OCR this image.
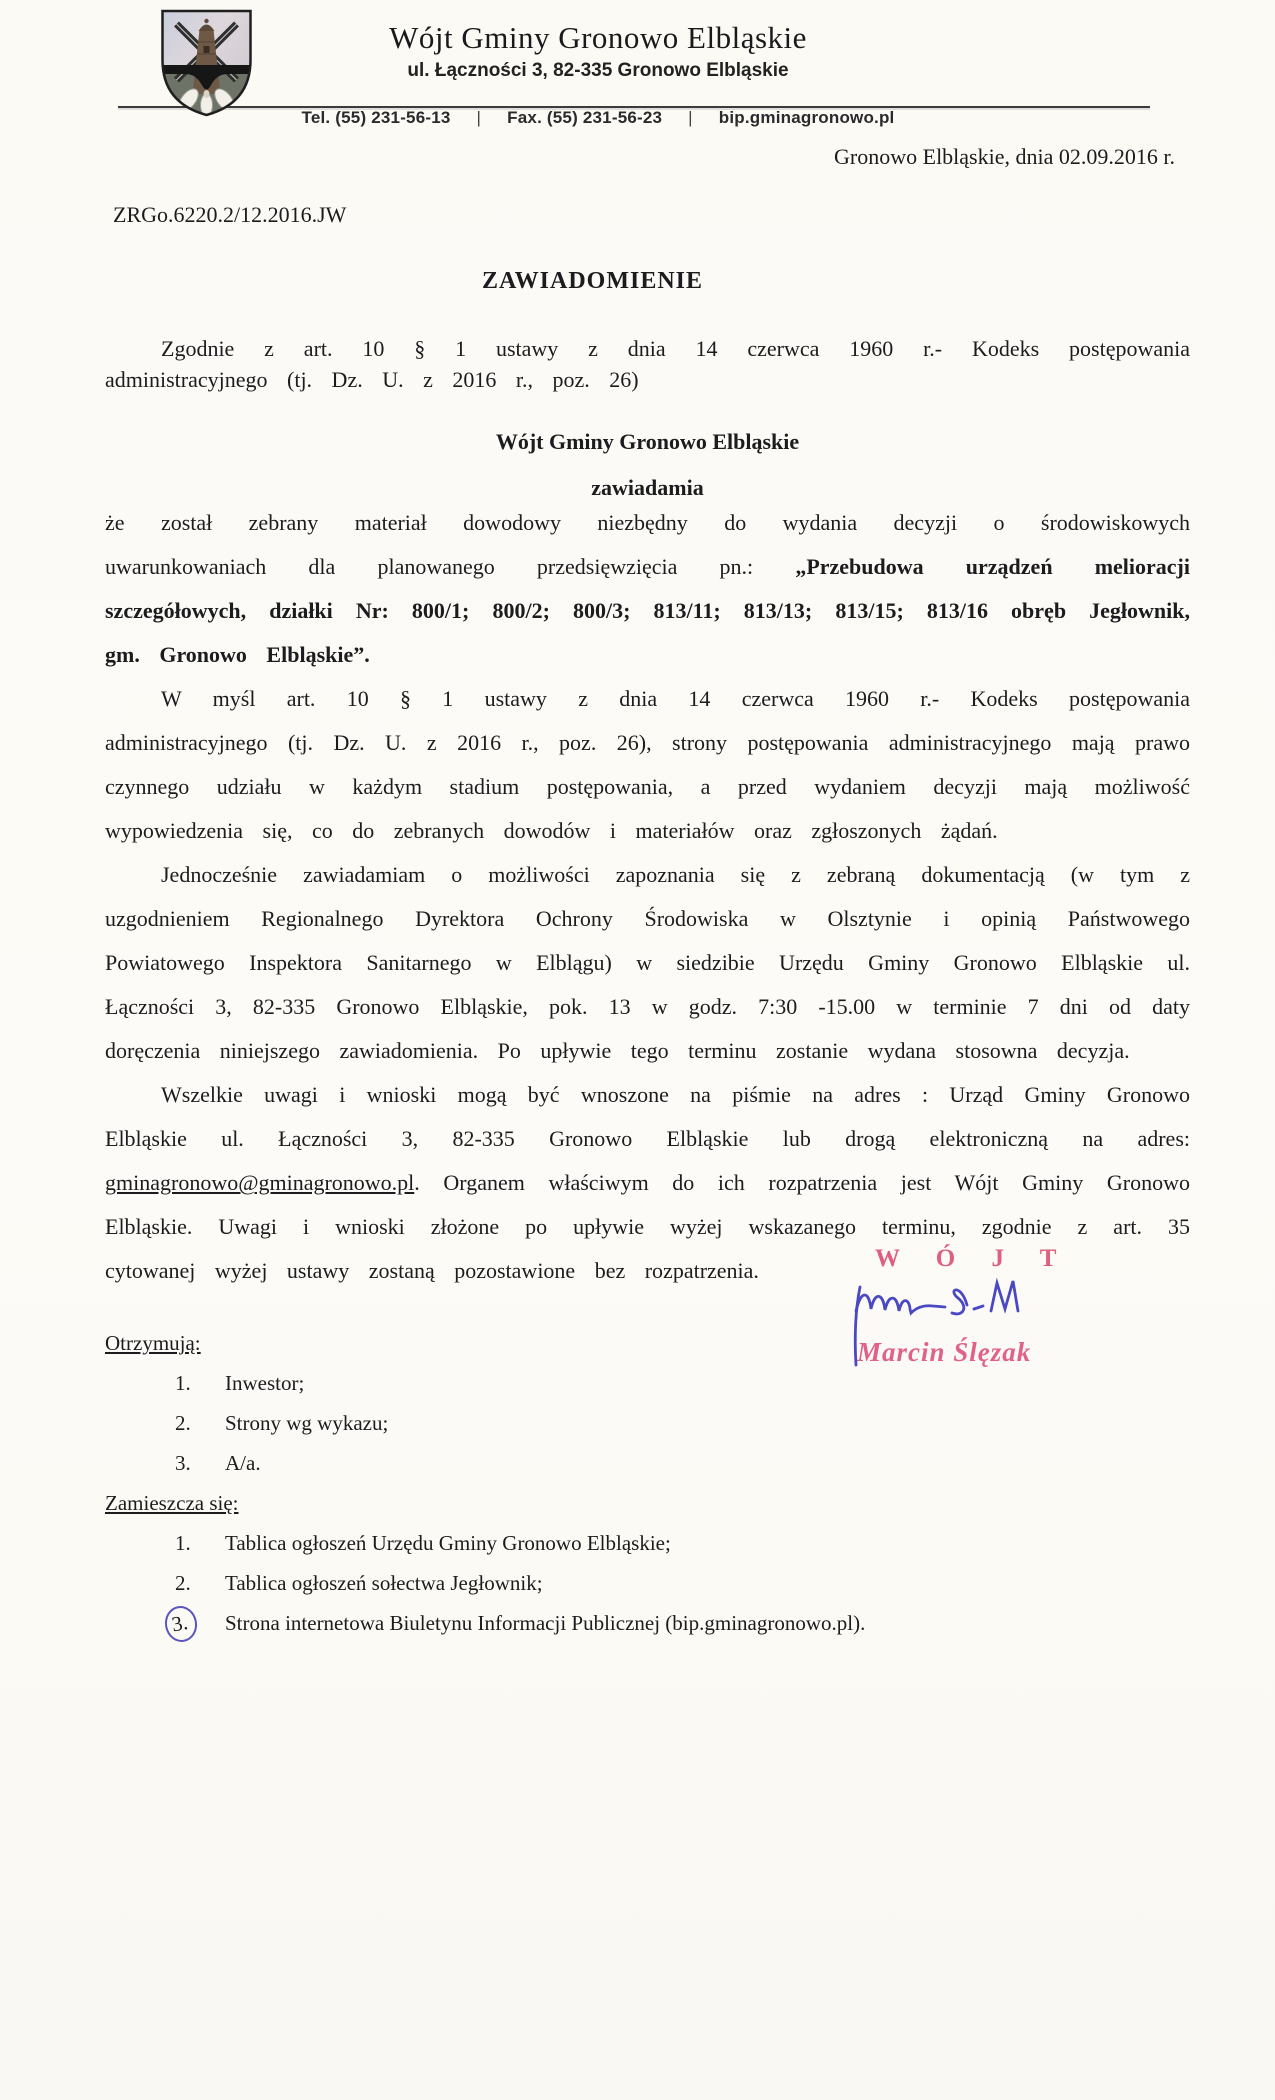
Wójt Gminy Gronowo Elbląskie
ul. Łączności 3, 82-335 Gronowo Elbląskie
Tel. (55) 231-56-13 | Fax. (55) 231-56-23 | bip.gminagronowo.pl
Gronowo Elbląskie, dnia 02.09.2016 r.
ZRGo.6220.2/12.2016.JW
ZAWIADOMIENIE

Zgodnie z art. 10 § 1 ustawy z dnia 14 czerwca 1960 r.- Kodeks postępowania administracyjnego (tj. Dz. U. z 2016 r., poz. 26)

Wójt Gminy Gronowo Elbląskie
zawiadamia

że został zebrany materiał dowodowy niezbędny do wydania decyzji o środowiskowych uwarunkowaniach dla planowanego przedsięwzięcia pn.: „Przebudowa urządzeń melioracji szczegółowych, działki Nr: 800/1; 800/2; 800/3; 813/11; 813/13; 813/15; 813/16 obręb Jegłownik, gm. Gronowo Elbląskie”.

W myśl art. 10 § 1 ustawy z dnia 14 czerwca 1960 r.- Kodeks postępowania administracyjnego (tj. Dz. U. z 2016 r., poz. 26), strony postępowania administracyjnego mają prawo czynnego udziału w każdym stadium postępowania, a przed wydaniem decyzji mają możliwość wypowiedzenia się, co do zebranych dowodów i materiałów oraz zgłoszonych żądań.

Jednocześnie zawiadamiam o możliwości zapoznania się z zebraną dokumentacją (w tym z uzgodnieniem Regionalnego Dyrektora Ochrony Środowiska w Olsztynie i opinią Państwowego Powiatowego Inspektora Sanitarnego w Elblągu) w siedzibie Urzędu Gminy Gronowo Elbląskie ul. Łączności 3, 82-335 Gronowo Elbląskie, pok. 13 w godz. 7:30 -15.00 w terminie 7 dni od daty doręczenia niniejszego zawiadomienia. Po upływie tego terminu zostanie wydana stosowna decyzja.

Wszelkie uwagi i wnioski mogą być wnoszone na piśmie na adres : Urząd Gminy Gronowo Elbląskie ul. Łączności 3, 82-335 Gronowo Elbląskie lub drogą elektroniczną na adres: gminagronowo@gminagronowo.pl. Organem właściwym do ich rozpatrzenia jest Wójt Gminy Gronowo Elbląskie. Uwagi i wnioski złożone po upływie wyżej wskazanego terminu, zgodnie z art. 35 cytowanej wyżej ustawy zostaną pozostawione bez rozpatrzenia.	W Ó J T
Marcin Ślęzak
Otrzymują:
1.	Inwestor;
2.	Strony wg wykazu;
3.	A/a.
Zamieszcza się:
1.	Tablica ogłoszeń Urzędu Gminy Gronowo Elbląskie;
2.	Tablica ogłoszeń sołectwa Jegłownik;
3.	Strona internetowa Biuletynu Informacji Publicznej (bip.gminagronowo.pl).
